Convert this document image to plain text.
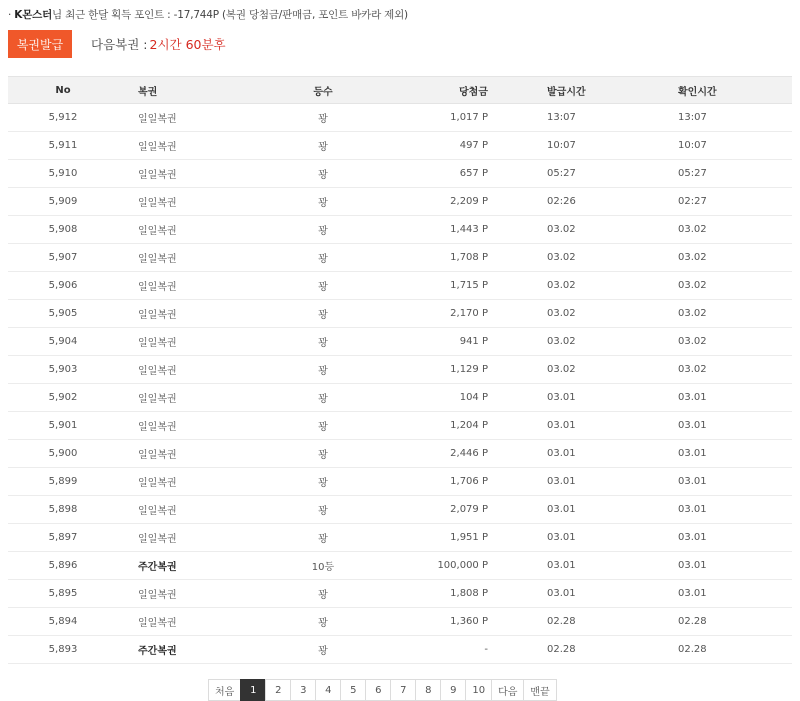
· K몬스터님 최근 한달 획득 포인트 : -17,744P (복권 당첨금/판매금, 포인트 바카라 제외)
복권발급	다음복권 : 2시간 60분후
No	복권	등수	당첨금	발급시간	확인시간
5,912	일일복권	꽝	1,017 P	13:07	13:07
5,911	일일복권	꽝	497 P	10:07	10:07
5,910	일일복권	꽝	657 P	05:27	05:27
5,909	일일복권	꽝	2,209 P	02:26	02:27
5,908	일일복권	꽝	1,443 P	03.02	03.02
5,907	일일복권	꽝	1,708 P	03.02	03.02
5,906	일일복권	꽝	1,715 P	03.02	03.02
5,905	일일복권	꽝	2,170 P	03.02	03.02
5,904	일일복권	꽝	941 P	03.02	03.02
5,903	일일복권	꽝	1,129 P	03.02	03.02
5,902	일일복권	꽝	104 P	03.01	03.01
5,901	일일복권	꽝	1,204 P	03.01	03.01
5,900	일일복권	꽝	2,446 P	03.01	03.01
5,899	일일복권	꽝	1,706 P	03.01	03.01
5,898	일일복권	꽝	2,079 P	03.01	03.01
5,897	일일복권	꽝	1,951 P	03.01	03.01
5,896	주간복권	10등	100,000 P	03.01	03.01
5,895	일일복권	꽝	1,808 P	03.01	03.01
5,894	일일복권	꽝	1,360 P	02.28	02.28
5,893	주간복권	꽝	-	02.28	02.28
처음	1	2	3	4	5	6	7	8	9	10	다음	맨끝
